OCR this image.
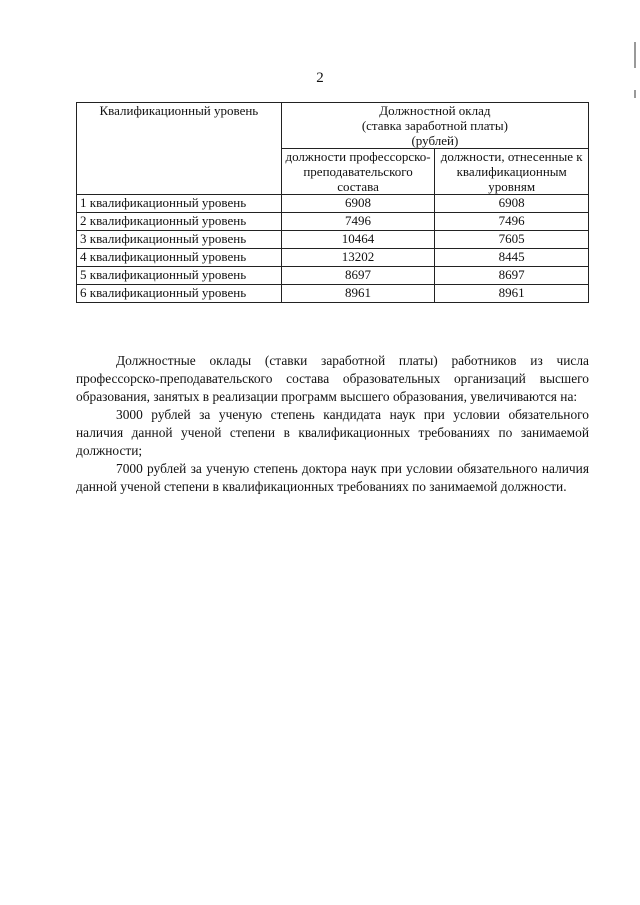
2
Квалификационный уровень	Должностной оклад
(ставка заработной платы)
(рублей)	

	должности профессорско-преподавательского состава	должности, отнесенные к квалификационным уровням
1 квалификационный уровень	6908	6908
2 квалификационный уровень	7496	7496
3 квалификационный уровень	10464	7605
4 квалификационный уровень	13202	8445
5 квалификационный уровень	8697	8697
6 квалификационный уровень	8961	8961

Должностные оклады (ставки заработной платы) работников из числа профессорско-преподавательского состава образовательных организаций высшего образования, занятых в реализации программ высшего образования, увеличиваются на:

3000 рублей за ученую степень кандидата наук при условии обязательного наличия данной ученой степени в квалификационных требованиях по занимаемой должности;

7000 рублей за ученую степень доктора наук при условии обязательного наличия данной ученой степени в квалификационных требованиях по занимаемой должности.
